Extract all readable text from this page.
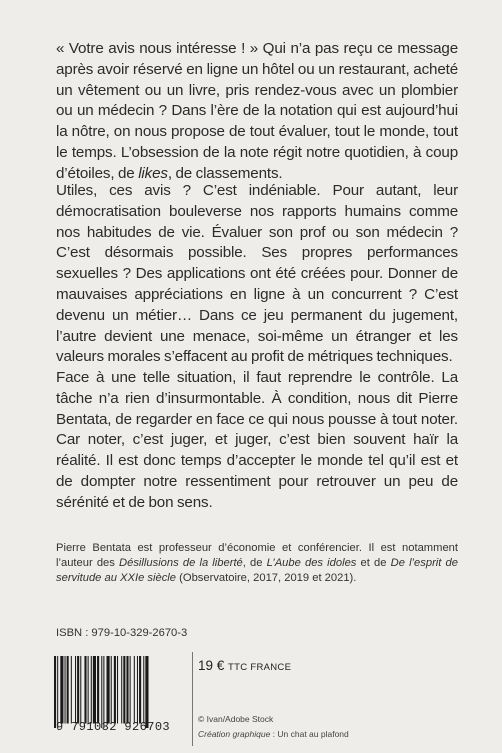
« Votre avis nous intéresse ! » Qui n’a pas reçu ce message après avoir réservé en ligne un hôtel ou un restaurant, acheté un vêtement ou un livre, pris rendez-vous avec un plombier ou un médecin ? Dans l’ère de la notation qui est aujourd’hui la nôtre, on nous propose de tout évaluer, tout le monde, tout le temps. L’obsession de la note régit notre quotidien, à coup d’étoiles, de likes, de classements.

Utiles, ces avis ? C’est indéniable. Pour autant, leur démocratisation bouleverse nos rapports humains comme nos habitudes de vie. Évaluer son prof ou son médecin ? C’est désormais possible. Ses propres performances sexuelles ? Des applications ont été créées pour. Donner de mauvaises appréciations en ligne à un concurrent ? C’est devenu un métier… Dans ce jeu permanent du jugement, l’autre devient une menace, soi-même un étranger et les valeurs morales s’effacent au profit de métriques techniques.

Face à une telle situation, il faut reprendre le contrôle. La tâche n’a rien d’insurmontable. À condition, nous dit Pierre Bentata, de regarder en face ce qui nous pousse à tout noter. Car noter, c’est juger, et juger, c’est bien souvent haïr la réalité. Il est donc temps d’accepter le monde tel qu’il est et de dompter notre ressentiment pour retrouver un peu de sérénité et de bon sens.

Pierre Bentata est professeur d’économie et conférencier. Il est notamment l’auteur des Désillusions de la liberté, de L’Aube des idoles et de De l’esprit de servitude au XXIe siècle (Observatoire, 2017, 2019 et 2021).

ISBN : 979-10-329-2670-3
9 791032 926703
19 € TTC FRANCE
© Ivan/Adobe Stock
Création graphique : Un chat au plafond
